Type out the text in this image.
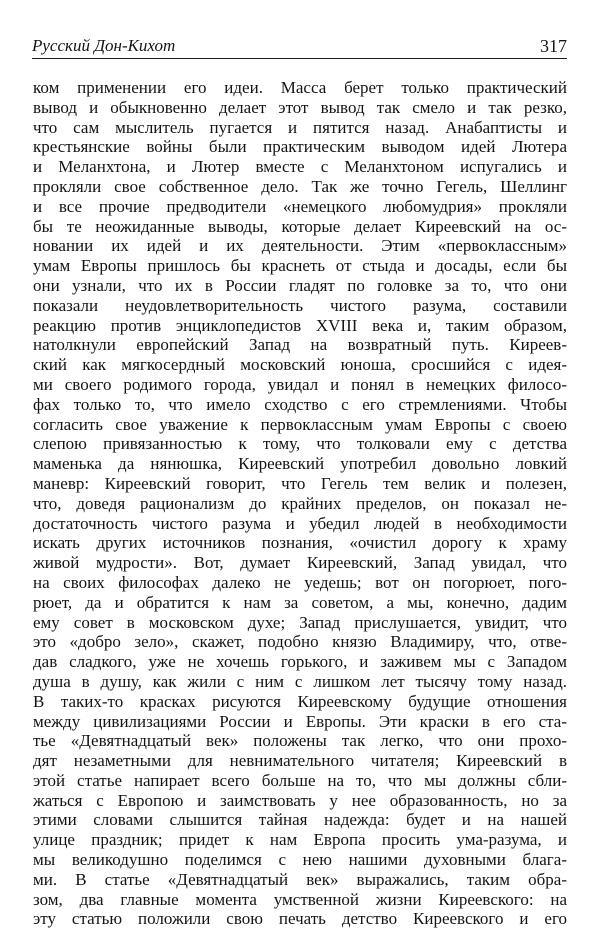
Русский Дон-Кихот	317
ком применении его идеи. Масса берет только практический
вывод и обыкновенно делает этот вывод так смело и так резко,
что сам мыслитель пугается и пятится назад. Анабаптисты и
крестьянские войны были практическим выводом идей Лютера
и Меланхтона, и Лютер вместе с Меланхтоном испугались и
прокляли свое собственное дело. Так же точно Гегель, Шеллинг
и все прочие предводители «немецкого любомудрия» прокляли
бы те неожиданные выводы, которые делает Киреевский на ос-
новании их идей и их деятельности. Этим «первоклассным»
умам Европы пришлось бы краснеть от стыда и досады, если бы
они узнали, что их в России гладят по головке за то, что они
показали неудовлетворительность чистого разума, составили
реакцию против энциклопедистов XVIII века и, таким образом,
натолкнули европейский Запад на возвратный путь. Киреев-
ский как мягкосердный московский юноша, сросшийся с идея-
ми своего родимого города, увидал и понял в немецких филосо-
фах только то, что имело сходство с его стремлениями. Чтобы
согласить свое уважение к первоклассным умам Европы с своею
слепою привязанностью к тому, что толковали ему с детства
маменька да нянюшка, Киреевский употребил довольно ловкий
маневр: Киреевский говорит, что Гегель тем велик и полезен,
что, доведя рационализм до крайних пределов, он показал не-
достаточность чистого разума и убедил людей в необходимости
искать других источников познания, «очистил дорогу к храму
живой мудрости». Вот, думает Киреевский, Запад увидал, что
на своих философах далеко не уедешь; вот он погорюет, пого-
рюет, да и обратится к нам за советом, а мы, конечно, дадим
ему совет в московском духе; Запад прислушается, увидит, что
это «добро зело», скажет, подобно князю Владимиру, что, отве-
дав сладкого, уже не хочешь горького, и заживем мы с Западом
душа в душу, как жили с ним с лишком лет тысячу тому назад.
В таких-то красках рисуются Киреевскому будущие отношения
между цивилизациями России и Европы. Эти краски в его ста-
тье «Девятнадцатый век» положены так легко, что они прохо-
дят незаметными для невнимательного читателя; Киреевский в
этой статье напирает всего больше на то, что мы должны сбли-
жаться с Европою и заимствовать у нее образованность, но за
этими словами слышится тайная надежда: будет и на нашей
улице праздник; придет к нам Европа просить ума-разума, и
мы великодушно поделимся с нею нашими духовными блага-
ми. В статье «Девятнадцатый век» выражались, таким обра-
зом, два главные момента умственной жизни Киреевского: на
эту статью положили свою печать детство Киреевского и его
